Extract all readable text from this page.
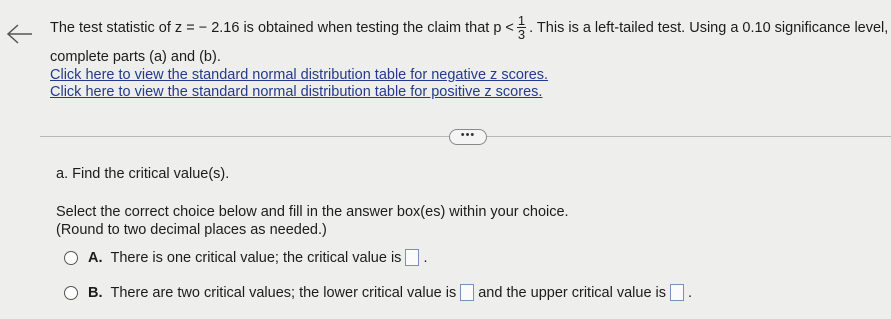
The test statistic of
z = − 2.16
is obtained when testing the claim that
$p < \frac{1}{3}$ . This is a left-tailed test. Using a 0.10 significance level,
complete parts (a) and (b).
Click here to view the standard normal distribution table for negative z scores.
Click here to view the standard normal distribution table for positive z scores.
•••
a. Find the critical value(s).
Select the correct choice below and fill in the answer box(es) within your choice.
(Round to two decimal places as needed.)
A. There is one critical value; the critical value is .
B. There are two critical values; the lower critical value is and the upper critical value is .
